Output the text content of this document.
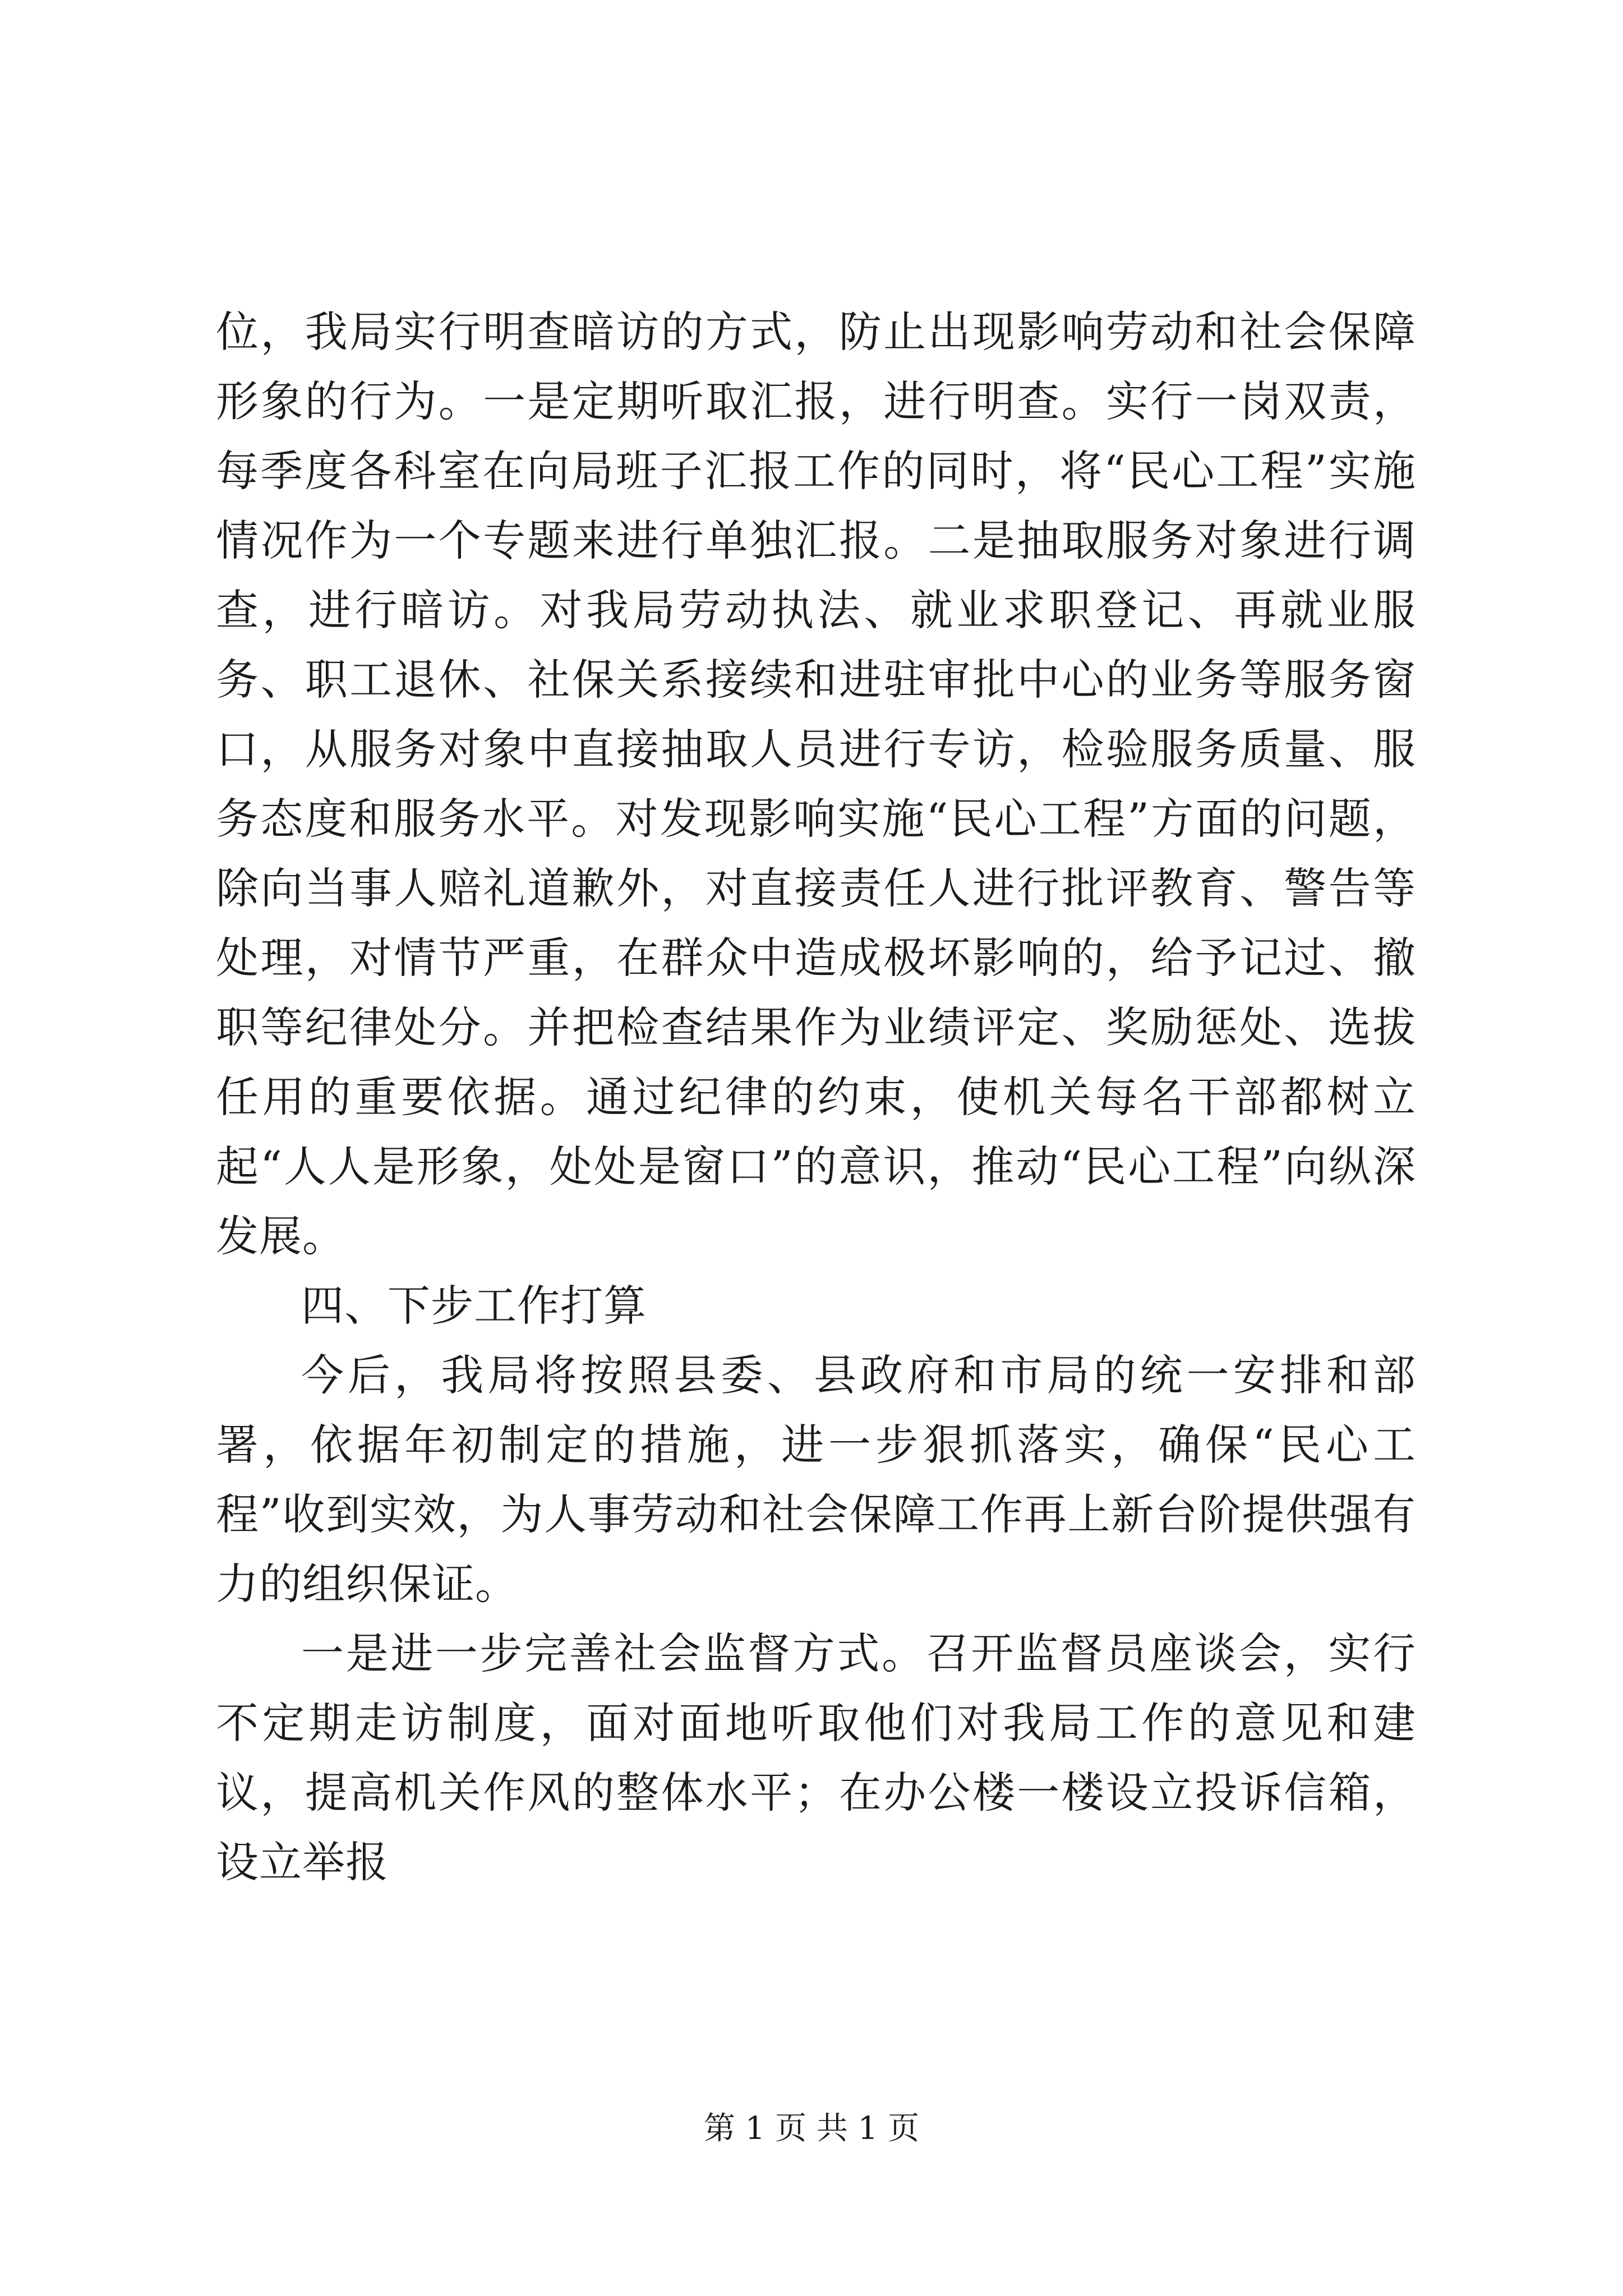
位，我局实行明查暗访的方式，防止出现影响劳动和社会保障形象的行为。一是定期听取汇报，进行明查。实行一岗双责，每季度各科室在向局班子汇报工作的同时，将“民心工程”实施情况作为一个专题来进行单独汇报。二是抽取服务对象进行调查，进行暗访。对我局劳动执法、就业求职登记、再就业服务、职工退休、社保关系接续和进驻审批中心的业务等服务窗口，从服务对象中直接抽取人员进行专访，检验服务质量、服务态度和服务水平。对发现影响实施“民心工程”方面的问题，除向当事人赔礼道歉外，对直接责任人进行批评教育、警告等处理，对情节严重，在群众中造成极坏影响的，给予记过、撤职等纪律处分。并把检查结果作为业绩评定、奖励惩处、选拔任用的重要依据。通过纪律的约束，使机关每名干部都树立起“人人是形象，处处是窗口”的意识，推动“民心工程”向纵深发展。

四、下步工作打算

今后，我局将按照县委、县政府和市局的统一安排和部署，依据年初制定的措施，进一步狠抓落实，确保“民心工程”收到实效，为人事劳动和社会保障工作再上新台阶提供强有力的组织保证。

一是进一步完善社会监督方式。召开监督员座谈会，实行不定期走访制度，面对面地听取他们对我局工作的意见和建议，提高机关作风的整体水平；在办公楼一楼设立投诉信箱，设立举报

第 1 页 共 1 页
